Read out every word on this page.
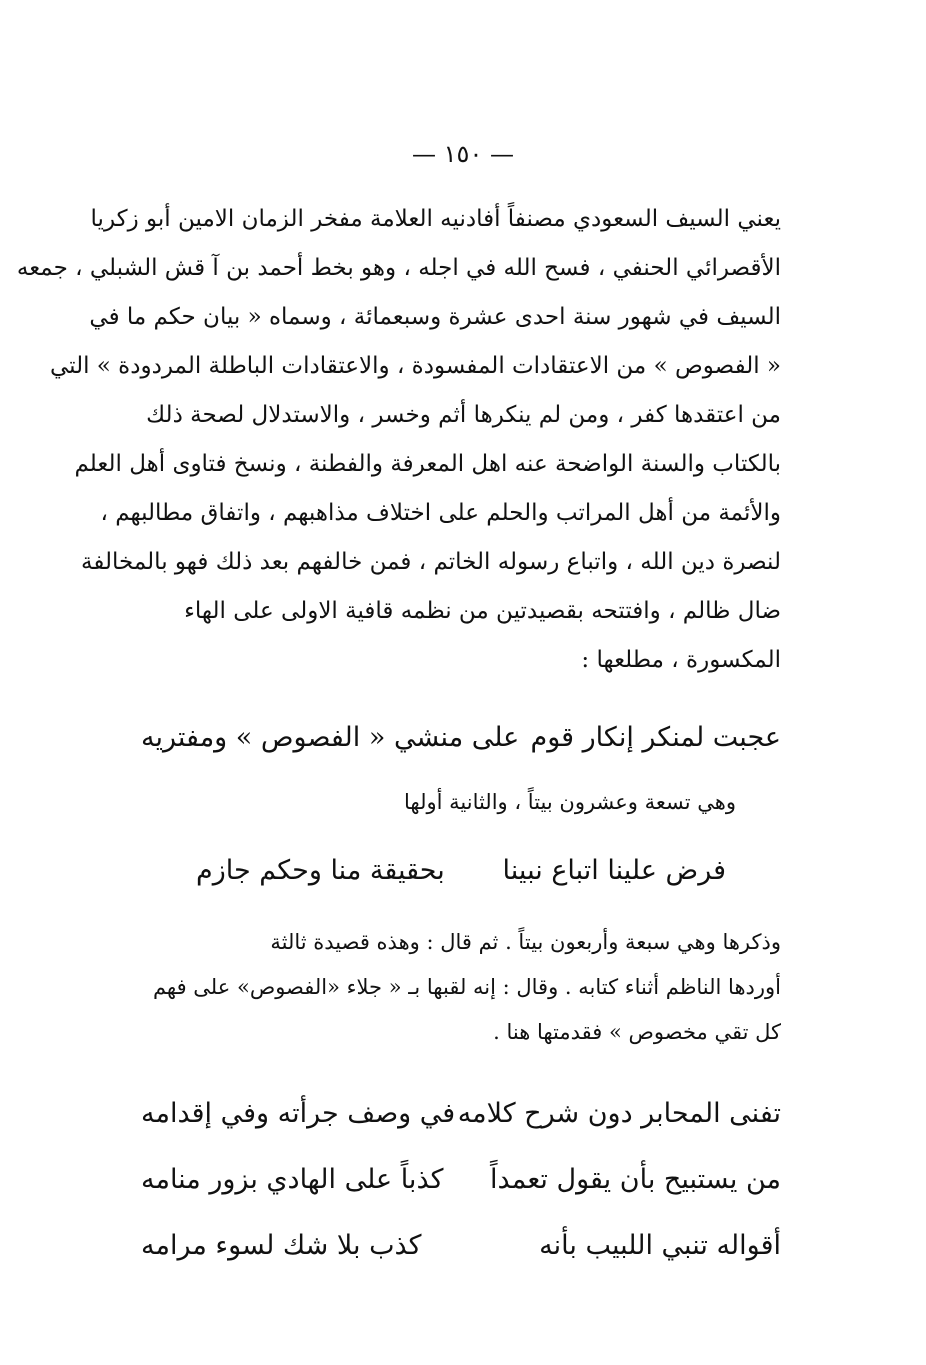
— ١٥٠ —
يعني السيف السعودي مصنفاً أفادنيه العلامة مفخر الزمان الامين أبو زكريا
الأقصرائي الحنفي ، فسح الله في اجله ، وهو بخط أحمد بن آ قش الشبلي ، جمعه
السيف في شهور سنة احدى عشرة وسبعمائة ، وسماه « بيان حكم ما في
« الفصوص » من الاعتقادات المفسودة ، والاعتقادات الباطلة المردودة » التي
من اعتقدها كفر ، ومن لم ينكرها أثم وخسر ، والاستدلال لصحة ذلك
بالكتاب والسنة الواضحة عنه اهل المعرفة والفطنة ، ونسخ فتاوى أهل العلم
والأئمة من أهل المراتب والحلم على اختلاف مذاهبهم ، واتفاق مطالبهم ،
لنصرة دين الله ، واتباع رسوله الخاتم ، فمن خالفهم بعد ذلك فهو بالمخالفة
ضال ظالم ، وافتتحه بقصيدتين من نظمه قافية الاولى على الهاء
المكسورة ، مطلعها :
عجبت لمنكر إنكار قوم
على منشي « الفصوص » ومفتريه
وهي تسعة وعشرون بيتاً ، والثانية أولها
فرض علينا اتباع نبينا
بحقيقة منا وحكم جازم
وذكرها وهي سبعة وأربعون بيتاً . ثم قال : وهذه قصيدة ثالثة
أوردها الناظم أثناء كتابه . وقال : إنه لقبها بـ « جلاء «الفصوص» على فهم
كل تقي مخصوص » فقدمتها هنا .
تفنى المحابر دون شرح كلامه
في وصف جرأته وفي إقدامه
من يستبيح بأن يقول تعمداً
كذباً على الهادي بزور منامه
أقواله تنبي اللبيب بأنه
كذب بلا شك لسوء مرامه
